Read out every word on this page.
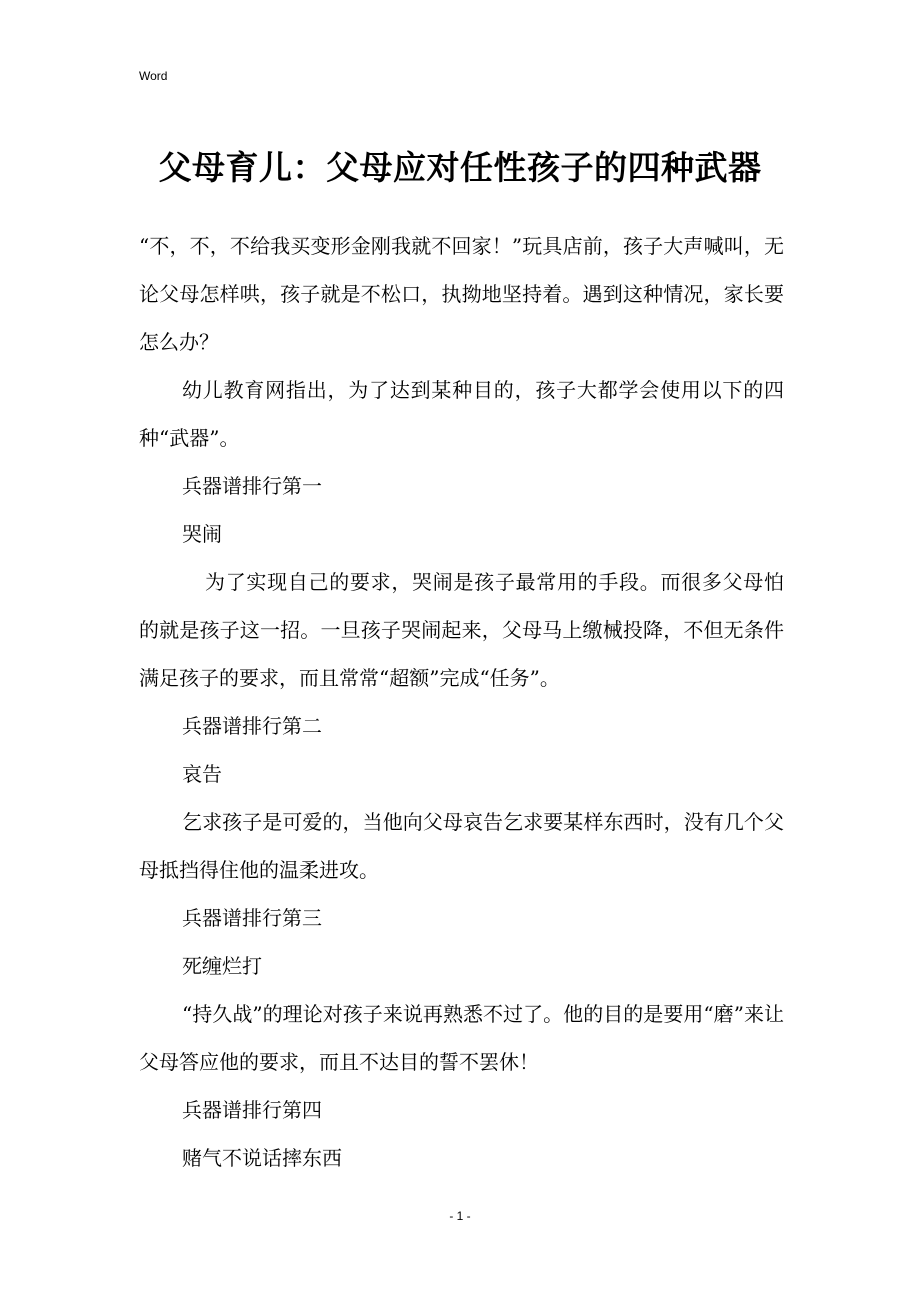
Word
父母育儿：父母应对任性孩子的四种武器

“不，不，不给我买变形金刚我就不回家！”玩具店前，孩子大声喊叫，无论父母怎样哄，孩子就是不松口，执拗地坚持着。遇到这种情况，家长要怎么办？

幼儿教育网指出，为了达到某种目的，孩子大都学会使用以下的四种“武器”。

兵器谱排行第一

哭闹

为了实现自己的要求，哭闹是孩子最常用的手段。而很多父母怕的就是孩子这一招。一旦孩子哭闹起来，父母马上缴械投降，不但无条件满足孩子的要求，而且常常“超额”完成“任务”。

兵器谱排行第二

哀告

乞求孩子是可爱的，当他向父母哀告乞求要某样东西时，没有几个父母抵挡得住他的温柔进攻。

兵器谱排行第三

死缠烂打

“持久战”的理论对孩子来说再熟悉不过了。他的目的是要用“磨”来让父母答应他的要求，而且不达目的誓不罢休！

兵器谱排行第四

赌气不说话摔东西

- 1 -
